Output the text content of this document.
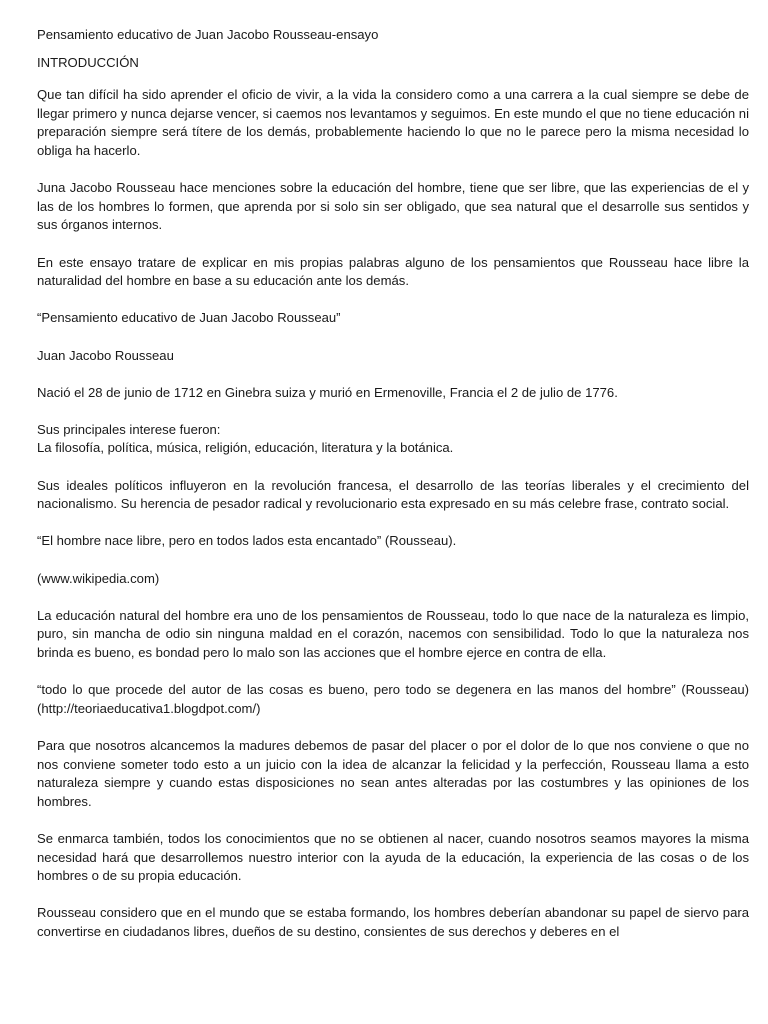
Pensamiento educativo de Juan Jacobo Rousseau-ensayo

INTRODUCCIÓN

Que tan difícil ha sido aprender el oficio de vivir, a la vida la considero como a una carrera a la cual siempre se debe de llegar primero y nunca dejarse vencer, si caemos nos levantamos y seguimos. En este mundo el que no tiene educación ni preparación siempre será títere de los demás, probablemente haciendo lo que no le parece pero la misma necesidad lo obliga ha hacerlo.

Juna Jacobo Rousseau hace menciones sobre la educación del hombre, tiene que ser libre, que las experiencias de el y las de los hombres lo formen, que aprenda por si solo sin ser obligado, que sea natural que el desarrolle sus sentidos y sus órganos internos.

En este ensayo tratare de explicar en mis propias palabras alguno de los pensamientos que Rousseau hace libre la naturalidad del hombre en base a su educación ante los demás.

“Pensamiento educativo de Juan Jacobo Rousseau”

Juan Jacobo Rousseau

Nació el 28 de junio de 1712 en Ginebra suiza y murió en Ermenoville, Francia el 2 de julio de 1776.

Sus principales interese fueron:
La filosofía, política, música, religión, educación, literatura y la botánica.

Sus ideales políticos influyeron en la revolución francesa, el desarrollo de las teorías liberales y el crecimiento del nacionalismo. Su herencia de pesador radical y revolucionario esta expresado en su más celebre frase, contrato social.

“El hombre nace libre, pero en todos lados esta encantado” (Rousseau).

(www.wikipedia.com)

La educación natural del hombre era uno de los pensamientos de Rousseau, todo lo que nace de la naturaleza es limpio, puro, sin mancha de odio sin ninguna maldad en el corazón, nacemos con sensibilidad. Todo lo que la naturaleza nos brinda es bueno, es bondad pero lo malo son las acciones que el hombre ejerce en contra de ella.

“todo lo que procede del autor de las cosas es bueno, pero todo se degenera en las manos del hombre” (Rousseau) (http://teoriaeducativa1.blogdpot.com/)

Para que nosotros alcancemos la madures debemos de pasar del placer o por el dolor de lo que nos conviene o que no nos conviene someter todo esto a un juicio con la idea de alcanzar la felicidad y la perfección, Rousseau llama a esto naturaleza siempre y cuando estas disposiciones no sean antes alteradas por las costumbres y las opiniones de los hombres.

Se enmarca también, todos los conocimientos que no se obtienen al nacer, cuando nosotros seamos mayores la misma necesidad hará que desarrollemos nuestro interior con la ayuda de la educación, la experiencia de las cosas o de los hombres o de su propia educación.

Rousseau considero que en el mundo que se estaba formando, los hombres deberían abandonar su papel de siervo para convertirse en ciudadanos libres, dueños de su destino, consientes de sus derechos y deberes en el
